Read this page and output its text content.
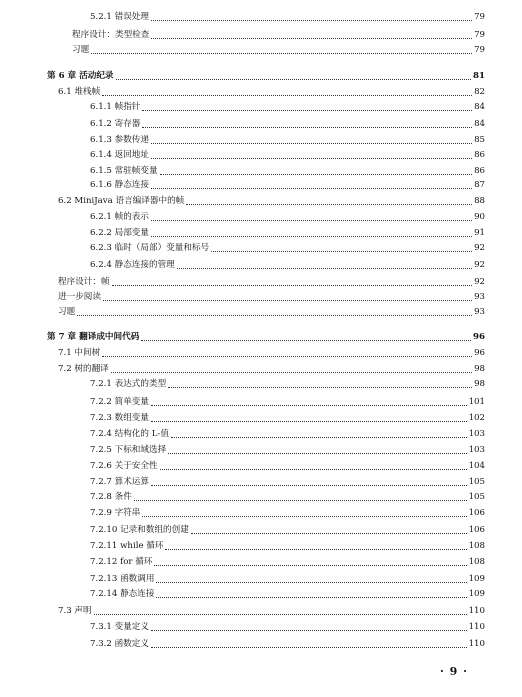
5.2.1 错误处理	79
程序设计：类型检查	79
习题	79
第 6 章 活动纪录	81
6.1 堆栈帧	82
6.1.1 帧指针	84
6.1.2 寄存器	84
6.1.3 参数传递	85
6.1.4 返回地址	86
6.1.5 常驻帧变量	86
6.1.6 静态连接	87
6.2 MiniJava 语言编译器中的帧	88
6.2.1 帧的表示	90
6.2.2 局部变量	91
6.2.3 临时（局部）变量和标号	92
6.2.4 静态连接的管理	92
程序设计：帧	92
进一步阅读	93
习题	93
第 7 章 翻译成中间代码	96
7.1 中间树	96
7.2 树的翻译	98
7.2.1 表达式的类型	98
7.2.2 简单变量	101
7.2.3 数组变量	102
7.2.4 结构化的 L-值	103
7.2.5 下标和域选择	103
7.2.6 关于安全性	104
7.2.7 算术运算	105
7.2.8 条件	105
7.2.9 字符串	106
7.2.10 记录和数组的创建	106
7.2.11 while 循环	108
7.2.12 for 循环	108
7.2.13 函数调用	109
7.2.14 静态连接	109
7.3 声明	110
7.3.1 变量定义	110
7.3.2 函数定义	110
· 9 ·
